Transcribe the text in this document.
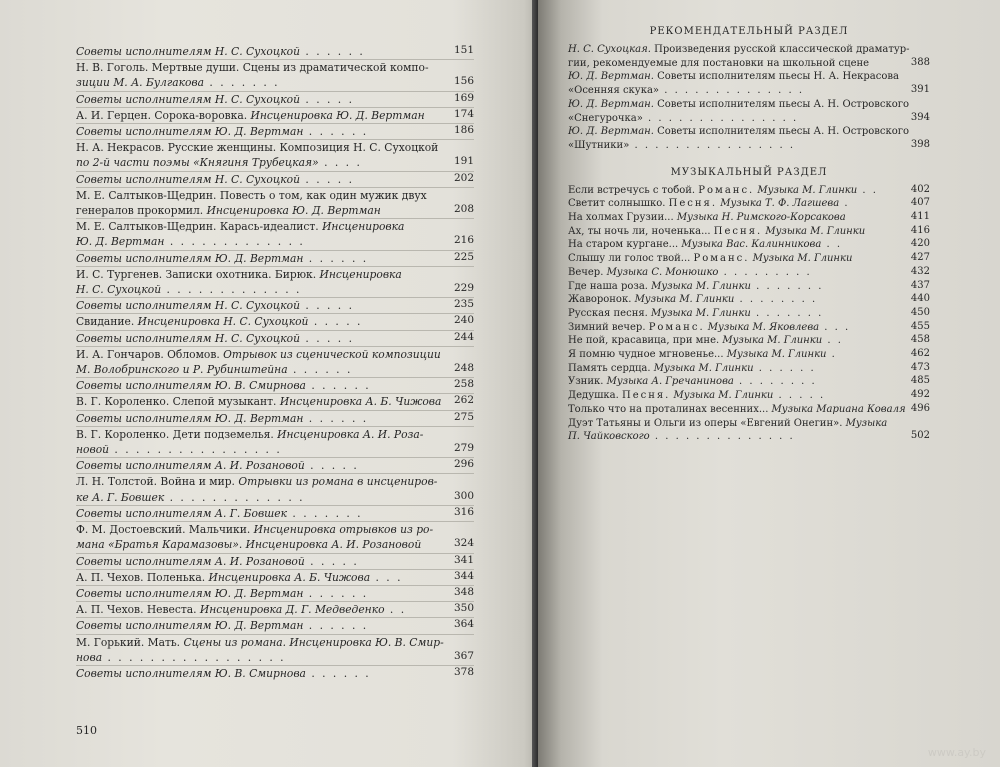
Советы исполнителям Н. С. Сухоцкой . . . . . .	151
Н. В. Гоголь. Мертвые души. Сцены из драматической компо-
зиции М. А. Булгакова . . . . . . .	156
Советы исполнителям Н. С. Сухоцкой . . . . .	169
А. И. Герцен. Сорока-воровка. Инсценировка Ю. Д. Вертман	174
Советы исполнителям Ю. Д. Вертман . . . . . .	186
Н. А. Некрасов. Русские женщины. Композиция Н. С. Сухоцкой
по 2-й части поэмы «Княгиня Трубецкая» . . . .	191
Советы исполнителям Н. С. Сухоцкой . . . . .	202
М. Е. Салтыков-Щедрин. Повесть о том, как один мужик двух
генералов прокормил. Инсценировка Ю. Д. Вертман	208
М. Е. Салтыков-Щедрин. Карась-идеалист. Инсценировка
Ю. Д. Вертман . . . . . . . . . . . . .	216
Советы исполнителям Ю. Д. Вертман . . . . . .	225
И. С. Тургенев. Записки охотника. Бирюк. Инсценировка
Н. С. Сухоцкой . . . . . . . . . . . . .	229
Советы исполнителям Н. С. Сухоцкой . . . . .	235
Свидание. Инсценировка Н. С. Сухоцкой . . . . .	240
Советы исполнителям Н. С. Сухоцкой . . . . .	244
И. А. Гончаров. Обломов. Отрывок из сценической композиции
М. Волобринского и Р. Рубинштейна . . . . . .	248
Советы исполнителям Ю. В. Смирнова . . . . . .	258
В. Г. Короленко. Слепой музыкант. Инсценировка А. Б. Чижова 262
Советы исполнителям Ю. Д. Вертман . . . . . .	275
В. Г. Короленко. Дети подземелья. Инсценировка А. И. Роза-
новой . . . . . . . . . . . . . . . .	279
Советы исполнителям А. И. Розановой . . . . .	296
Л. Н. Толстой. Война и мир. Отрывки из романа в инсцениров-
ке А. Г. Бовшек . . . . . . . . . . . . .	300
Советы исполнителям А. Г. Бовшек . . . . . . .	316
Ф. М. Достоевский. Мальчики. Инсценировка отрывков из ро-
мана «Братья Карамазовы». Инсценировка А. И. Розановой	324
Советы исполнителям А. И. Розановой . . . . .	341
А. П. Чехов. Поленька. Инсценировка А. Б. Чижова . . .	344
Советы исполнителям Ю. Д. Вертман . . . . . .	348
А. П. Чехов. Невеста. Инсценировка Д. Г. Медведенко . .	350
Советы исполнителям Ю. Д. Вертман . . . . . .	364
М. Горький. Мать. Сцены из романа. Инсценировка Ю. В. Смир-
нова . . . . . . . . . . . . . . . . .	367
Советы исполнителям Ю. В. Смирнова . . . . . .	378
510
РЕКОМЕНДАТЕЛЬНЫЙ РАЗДЕЛ
Н. С. Сухоцкая. Произведения русской классической драматур-
гии, рекомендуемые для постановки на школьной сцене	388
Ю. Д. Вертман. Советы исполнителям пьесы Н. А. Некрасова
«Осенняя скука» . . . . . . . . . . . . . .	391
Ю. Д. Вертман. Советы исполнителям пьесы А. Н. Островского
«Снегурочка» . . . . . . . . . . . . . . .	394
Ю. Д. Вертман. Советы исполнителям пьесы А. Н. Островского
«Шутники» . . . . . . . . . . . . . . . .	398
МУЗЫКАЛЬНЫЙ РАЗДЕЛ
Если встречусь с тобой. Романс. Музыка М. Глинки . .	402
Светит солнышко. Песня. Музыка Т. Ф. Лагшева .	407
На холмах Грузии... Музыка Н. Римского-Корсакова	411
Ах, ты ночь ли, ноченька... Песня. Музыка М. Глинки	416
На старом кургане... Музыка Вас. Калинникова . .	420
Слышу ли голос твой... Романс. Музыка М. Глинки	427
Вечер. Музыка С. Монюшко . . . . . . . . .	432
Где наша роза. Музыка М. Глинки . . . . . . .	437
Жаворонок. Музыка М. Глинки . . . . . . . .	440
Русская песня. Музыка М. Глинки . . . . . . .	450
Зимний вечер. Романс. Музыка М. Яковлева . . .	455
Не пой, красавица, при мне. Музыка М. Глинки . .	458
Я помню чудное мгновенье... Музыка М. Глинки .	462
Память сердца. Музыка М. Глинки . . . . . .	473
Узник. Музыка А. Гречанинова . . . . . . . .	485
Дедушка. Песня. Музыка М. Глинки . . . . .	492
Только что на проталинах весенних... Музыка Мариана Коваля 496
Дуэт Татьяны и Ольги из оперы «Евгений Онегин». Музыка
П. Чайковского . . . . . . . . . . . . . .	502
www.ay.by
